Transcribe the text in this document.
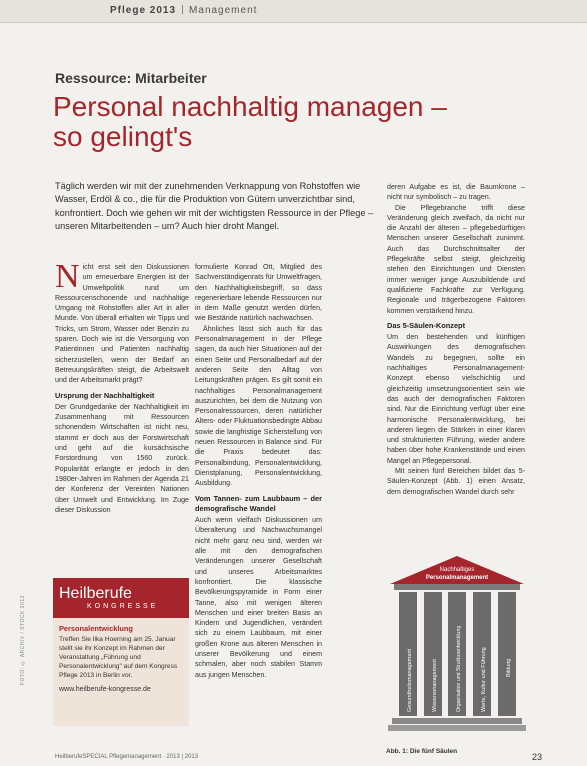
Pflege 2013 Management
Ressource: Mitarbeiter
Personal nachhaltig managen –
so gelingt's
Täglich werden wir mit der zunehmenden Verknappung von Rohstoffen wie Wasser, Erdöl & co., die für die Produktion von Gütern unverzichtbar sind, konfrontiert. Doch wie gehen wir mit der wichtigsten Ressource in der Pflege – unseren Mitarbeitenden – um? Auch hier droht Mangel.

Nicht erst seit den Diskussionen um erneuerbare Energien ist der Umweltpolitik rund um Ressourcenschonende und nachhaltige Umgang mit Rohstoffen aller Art in aller Munde. Von überall erhalten wir Tipps und Tricks, um Strom, Wasser oder Benzin zu sparen. Doch wie ist die Versorgung von Patientinnen und Patienten nachhaltig sicherzustellen, wenn der Bedarf an Betreuungskräften steigt, die Arbeitswelt und der Arbeitsmarkt prägt?

Ursprung der Nachhaltigkeit

Der Grundgedanke der Nachhaltigkeit im Zusammenhang mit Ressourcen schonendem Wirtschaften ist nicht neu, stammt er doch aus der Forstwirtschaft und geht auf die kursächsische Forstordnung von 1560 zurück. Popularität erlangte er jedoch in den 1980er-Jahren im Rahmen der Agenda 21 der Konferenz der Vereinten Nationen über Umwelt und Entwicklung. Im Zuge dieser Diskussion

formulierte Konrad Ott, Mitglied des Sachverständigenrats für Umweltfragen, den Nachhaltigkeitsbegriff, so dass regenerierbare lebende Ressourcen nur in dem Maße genutzt werden dürfen, wie Bestände natürlich nachwachsen.

Ähnliches lässt sich auch für das Personalmanagement in der Pflege sagen, da auch hier Situationen auf der einen Seite und Personalbedarf auf der anderen Seite den Alltag von Leitungskräften prägen. Es gilt somit ein nachhaltiges Personalmanagement auszurichten, bei dem die Nutzung von Personalressourcen, deren natürlicher Alters- oder Fluktuationsbedingte Abbau sowie die langfristige Sicherstellung von neuen Ressourcen in Balance sind. Für die Praxis bedeutet das: Personalbindung, Personalentwicklung, Dienstplanung, Personalentwicklung, Ausbildung.

Vom Tannen- zum Laubbaum – der demografische Wandel

Auch wenn vielfach Diskussionen um Überalterung und Nachwuchsmangel nicht mehr ganz neu sind, werden wir alle mit den demografischen Veränderungen unserer Gesellschaft und unseres Arbeitsmarktes konfrontiert. Die klassische Bevölkerungspyramide in Form einer Tanne, also mit wenigen älteren Menschen und einer breiten Basis an Kindern und Jugendlichen, verändert sich zu einem Laubbaum, mit einer großen Krone aus älteren Menschen in unserer Bevölkerung und einem schmalen, aber noch stabilen Stamm aus jungen Menschen.

deren Aufgabe es ist, die Baumkrone – nicht nur symbolisch – zu tragen.

Die Pflegebranche trifft diese Veränderung gleich zweifach, da nicht nur die Anzahl der älteren – pflegebedürftigen Menschen unserer Gesellschaft zunimmt. Auch das Durchschnittsalter der Pflegekräfte selbst steigt, gleichzeitig stehen den Einrichtungen und Diensten immer weniger junge Auszubildende und qualifizierte Fachkräfte zur Verfügung. Regionale und trägerbezogene Faktoren kommen verstärkend hinzu.

Das 5-Säulen-Konzept

Um den bestehenden und künftigen Auswirkungen des demografischen Wandels zu begegnen, sollte ein nachhaltiges Personalmanagement-Konzept ebenso vielschichtig und gleichzeitig umsetzungsorientiert sein wie das auch der demografischen Faktoren sind. Nur die Einrichtung verfügt über eine harmonische Personalentwicklung, bei anderen liegen die Stärken in einer klaren und strukturierten Führung, wieder andere haben über hohe Krankenstände und einen Mangel an Pflegepersonal.

Mit seinen fünf Bereichen bildet das 5-Säulen-Konzept (Abb. 1) einen Ansatz, dem demografischen Wandel durch sehr

Heilberufe
KONGRESSE
Personalentwicklung
Treffen Sie Ilka Hoerning am 25. Januar stellt sie ihr Konzept im Rahmen der Veranstaltung „Führung und Personalentwicklung" auf dem Kongress Pflege 2013 in Berlin vor.
www.heilberufe-kongresse.de
FOTO: © ARCHIV / STOCK 2013
Nachhaltiges
Personalmanagement
Gesundheitsmanagement	Wissensmanagement	Organisation und Strukturentwicklung	Werte, Kultur und Führung	Bildung
Abb. 1: Die fünf Säulen
HeilberufeSPECIAL Pflegemanagement · 2013 | 2013	23
